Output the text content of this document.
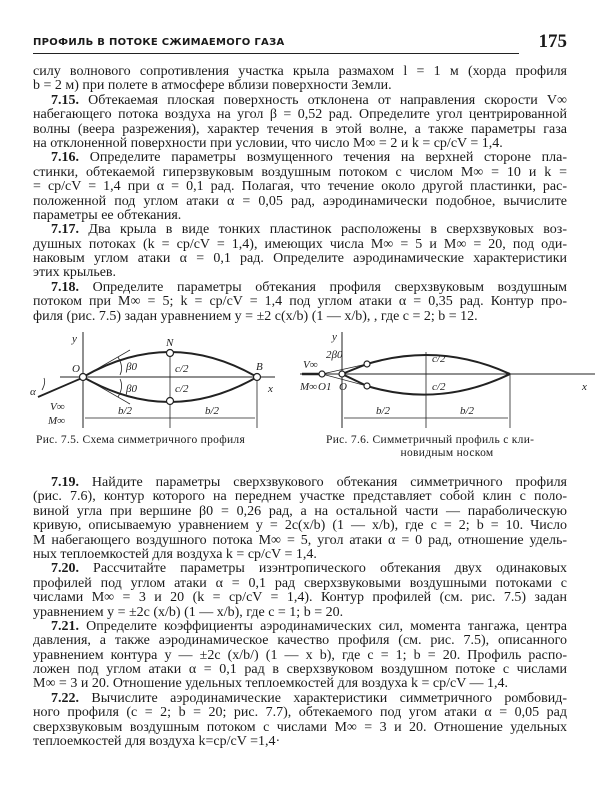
ПРОФИЛЬ В ПОТОКЕ СЖИМАЕМОГО ГАЗА	175
силу волнового сопротивления участка крыла размахом l = 1 м (хорда профиля
b = 2 м) при полете в атмосфере вблизи поверхности Земли.
7.15. Обтекаемая плоская поверхность отклонена от направления скорости V∞
набегающего потока воздуха на угол β = 0,52 рад. Определите угол центрированной
волны (веера разрежения), характер течения в этой волне, а также параметры газа
на отклоненной поверхности при условии, что число M∞ = 2 и k = cp/cV = 1,4.
7.16. Определите параметры возмущенного течения на верхней стороне пла-
стинки, обтекаемой гиперзвуковым воздушным потоком с числом M∞ = 10 и k =
= cp/cV = 1,4 при α = 0,1 рад. Полагая, что течение около другой пластинки, рас-
положенной под углом атаки α = 0,05 рад, аэродинамически подобное, вычислите
параметры ее обтекания.
7.17. Два крыла в виде тонких пластинок расположены в сверхзвуковых воз-
душных потоках (k = cp/cV = 1,4), имеющих числа M∞ = 5 и M∞ = 20, под оди-
наковым углом атаки α = 0,1 рад. Определите аэродинамические характеристики
этих крыльев.
7.18. Определите параметры обтекания профиля сверхзвуковым воздушным
потоком при M∞ = 5; k = cp/cV = 1,4 под углом атаки α = 0,35 рад. Контур про-
филя (рис. 7.5) задан уравнением y = ±2 c(x/b) (1 — x/b), , где c = 2; b = 12.
y
x
O
N
B
α
V∞
M∞
β0
β0
c/2
c/2
b/2	b/2
Рис. 7.5. Схема симметричного профиля
y
x
O
O1
2β0
V∞
M∞
c/2
c/2
b/2	b/2
Рис. 7.6. Симметричный профиль с кли-
новидным носком
7.19. Найдите параметры сверхзвукового обтекания симметричного профиля
(рис. 7.6), контур которого на переднем участке представляет собой клин с поло-
виной угла при вершине β0 = 0,26 рад, а на остальной части — параболическую
кривую, описываемую уравнением y = 2c(x/b) (1 — x/b), где c = 2; b = 10. Число
M набегающего воздушного потока M∞ = 5, угол атаки α = 0 рад, отношение удель-
ных теплоемкостей для воздуха k = cp/cV = 1,4.
7.20. Рассчитайте параметры изэнтропического обтекания двух одинаковых
профилей под углом атаки α = 0,1 рад сверхзвуковыми воздушными потоками с
числами M∞ = 3 и 20 (k = cp/cV = 1,4). Контур профилей (см. рис. 7.5) задан
уравнением y = ±2c (x/b) (1 — x/b), где c = 1; b = 20.
7.21. Определите коэффициенты аэродинамических сил, момента тангажа, центра
давления, а также аэродинамическое качество профиля (см. рис. 7.5), описанного
уравнением контура y — ±2c (x/b/) (1 — x b), где c = 1; b = 20. Профиль распо-
ложен под углом атаки α = 0,1 рад в сверхзвуковом воздушном потоке с числами
M∞ = 3 и 20. Отношение удельных теплоемкостей для воздуха k = cp/cV — 1,4.
7.22. Вычислите аэродинамические характеристики симметричного ромбовид-
ного профиля (c = 2; b = 20; рис. 7.7), обтекаемого под угом атаки α = 0,05 рад
сверхзвуковым воздушным потоком с числами M∞ = 3 и 20. Отношение удельных
теплоемкостей для воздуха k=cp/cV =1,4·
